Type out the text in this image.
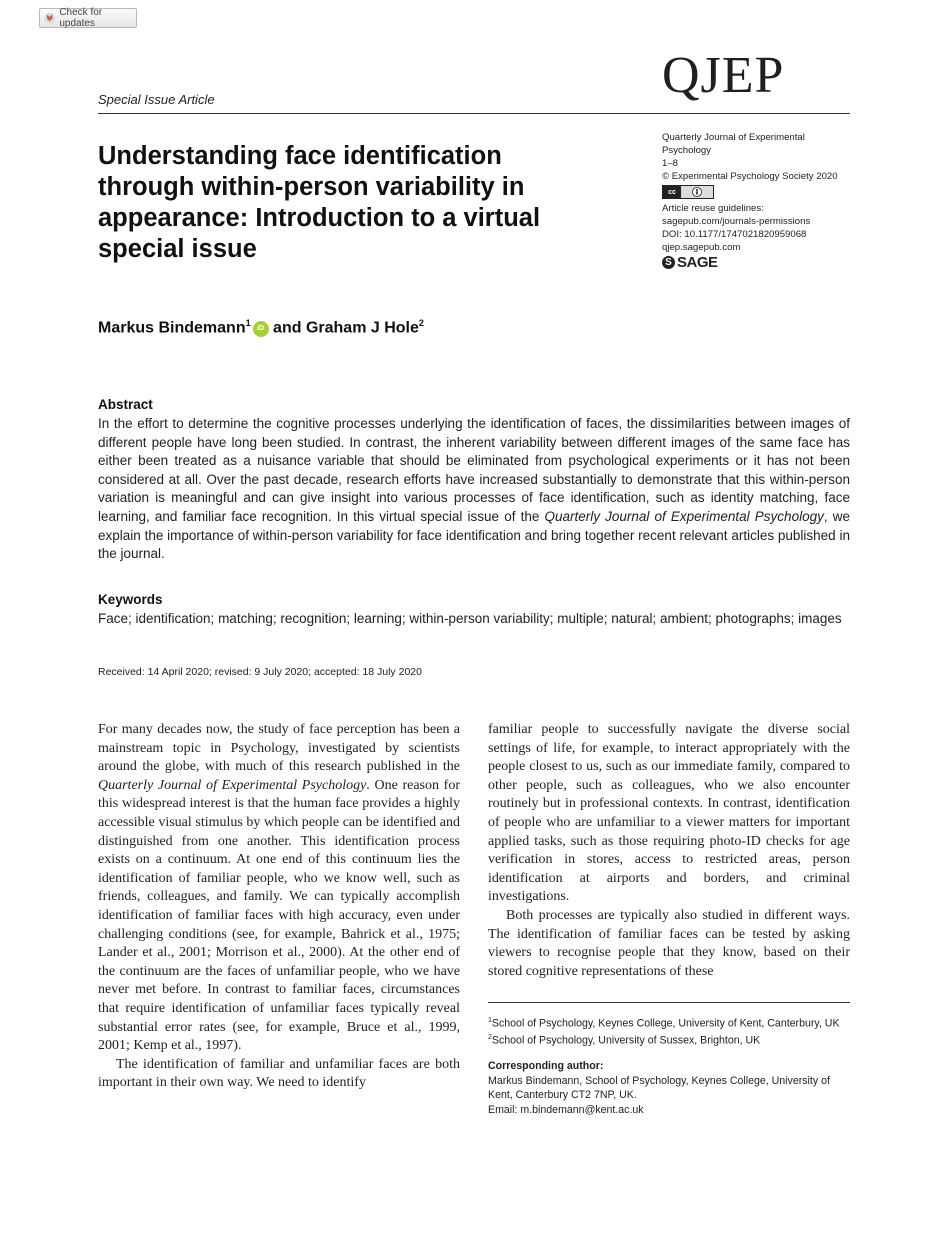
Check for updates
Special Issue Article	QJEP
Understanding face identification through within-person variability in appearance: Introduction to a virtual special issue
Quarterly Journal of Experimental
Psychology
1–8
© Experimental Psychology Society 2020
cc
Article reuse guidelines:
sagepub.com/journals-permissions
DOI: 10.1177/1747021820959068
qjep.sagepub.com
S SAGE
Markus Bindemann$^1$iD and Graham J Hole$^2$
Abstract

In the effort to determine the cognitive processes underlying the identification of faces, the dissimilarities between images of different people have long been studied. In contrast, the inherent variability between different images of the same face has either been treated as a nuisance variable that should be eliminated from psychological experiments or it has not been considered at all. Over the past decade, research efforts have increased substantially to demonstrate that this within-person variation is meaningful and can give insight into various processes of face identification, such as identity matching, face learning, and familiar face recognition. In this virtual special issue of the Quarterly Journal of Experimental Psychology, we explain the importance of within-person variability for face identification and bring together recent relevant articles published in the journal.

Keywords

Face; identification; matching; recognition; learning; within-person variability; multiple; natural; ambient; photographs; images

Received: 14 April 2020; revised: 9 July 2020; accepted: 18 July 2020

For many decades now, the study of face perception has been a mainstream topic in Psychology, investigated by scientists around the globe, with much of this research published in the Quarterly Journal of Experimental Psychology. One reason for this widespread interest is that the human face provides a highly accessible visual stimulus by which people can be identified and distinguished from one another. This identification process exists on a continuum. At one end of this continuum lies the identification of familiar people, who we know well, such as friends, colleagues, and family. We can typically accomplish identification of familiar faces with high accuracy, even under challenging conditions (see, for example, Bahrick et al., 1975; Lander et al., 2001; Morrison et al., 2000). At the other end of the continuum are the faces of unfamiliar people, who we have never met before. In contrast to familiar faces, circumstances that require identification of unfamiliar faces typically reveal substantial error rates (see, for example, Bruce et al., 1999, 2001; Kemp et al., 1997).

The identification of familiar and unfamiliar faces are both important in their own way. We need to identify

familiar people to successfully navigate the diverse social settings of life, for example, to interact appropriately with the people closest to us, such as our immediate family, compared to other people, such as colleagues, who we also encounter routinely but in professional contexts. In contrast, identification of people who are unfamiliar to a viewer matters for important applied tasks, such as those requiring photo-ID checks for age verification in stores, access to restricted areas, person identification at airports and borders, and criminal investigations.

Both processes are typically also studied in different ways. The identification of familiar faces can be tested by asking viewers to recognise people that they know, based on their stored cognitive representations of these

$^1$School of Psychology, Keynes College, University of Kent, Canterbury, UK

$^2$School of Psychology, University of Sussex, Brighton, UK

Corresponding author:

Markus Bindemann, School of Psychology, Keynes College, University of Kent, Canterbury CT2 7NP, UK.

Email: m.bindemann@kent.ac.uk
